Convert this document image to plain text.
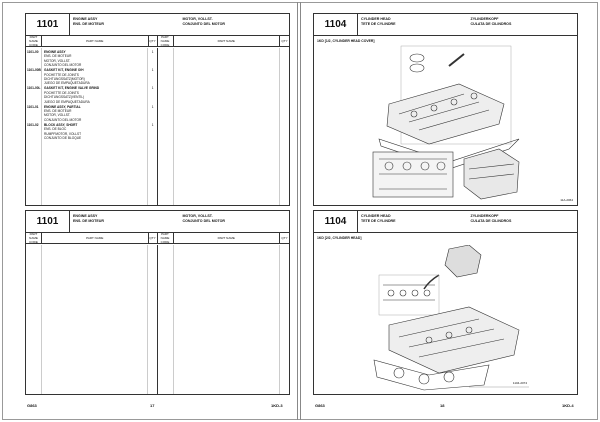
1101	ENGINE ASSY
ENS. DE MOTEUR
MOTOR, VOLLST.
CONJUNTO DEL MOTOR
PART NAME CODE
PART NAME	QTY
PART NAME CODE
PART NAME	QTY
1101-00	ENGINE ASSY
ENS. DE MOTEUR
MOTOR, VOLLST.
CONJUNTO DEL MOTOR
1
1101-00B GASKET KIT, ENGINE O/H
POCHETTE DE JOINTS
DICHTUNGSSATZ(MOTOR)
JUEGO DE EMPAQUETADURA
1
1101-00L	GASKET KIT, ENGINE VALVE GRIND
POCHETTE DE JOINTS
DICHTUNGSSATZ(VENTIL)
JUEGO DE EMPAQUETADURA
1
1101-01	ENGINE ASSY, PARTIAL
ENS. DE MOTEUR
MOTOR, VOLLST.
CONJUNTO DEL MOTOR
1
1101-02	BLOCK ASSY, SHORT
ENS. DE BLOC
RUMPFMOTOR, VOLLST
CONJUNTO DE BLOQUE
1
1101	ENGINE ASSY
ENS. DE MOTEUR
MOTOR, VOLLST.
CONJUNTO DEL MOTOR
PART NAME CODE
PART NAME	QTY
PART NAME CODE
PART NAME	QTY
G863	17	1KD-3
1104	CYLINDER HEAD
TETE DE CYLINDRE
ZYLINDERKOPF
CULATA DE CILINDROS
1KD [1/2, CYLINDER HEAD COVER]
11A-2064
1104	CYLINDER HEAD
TETE DE CYLINDRE
ZYLINDERKOPF
CULATA DE CILINDROS
1KD [2/2, CYLINDER HEAD]
1104-2074
G863	18	1KD-4
